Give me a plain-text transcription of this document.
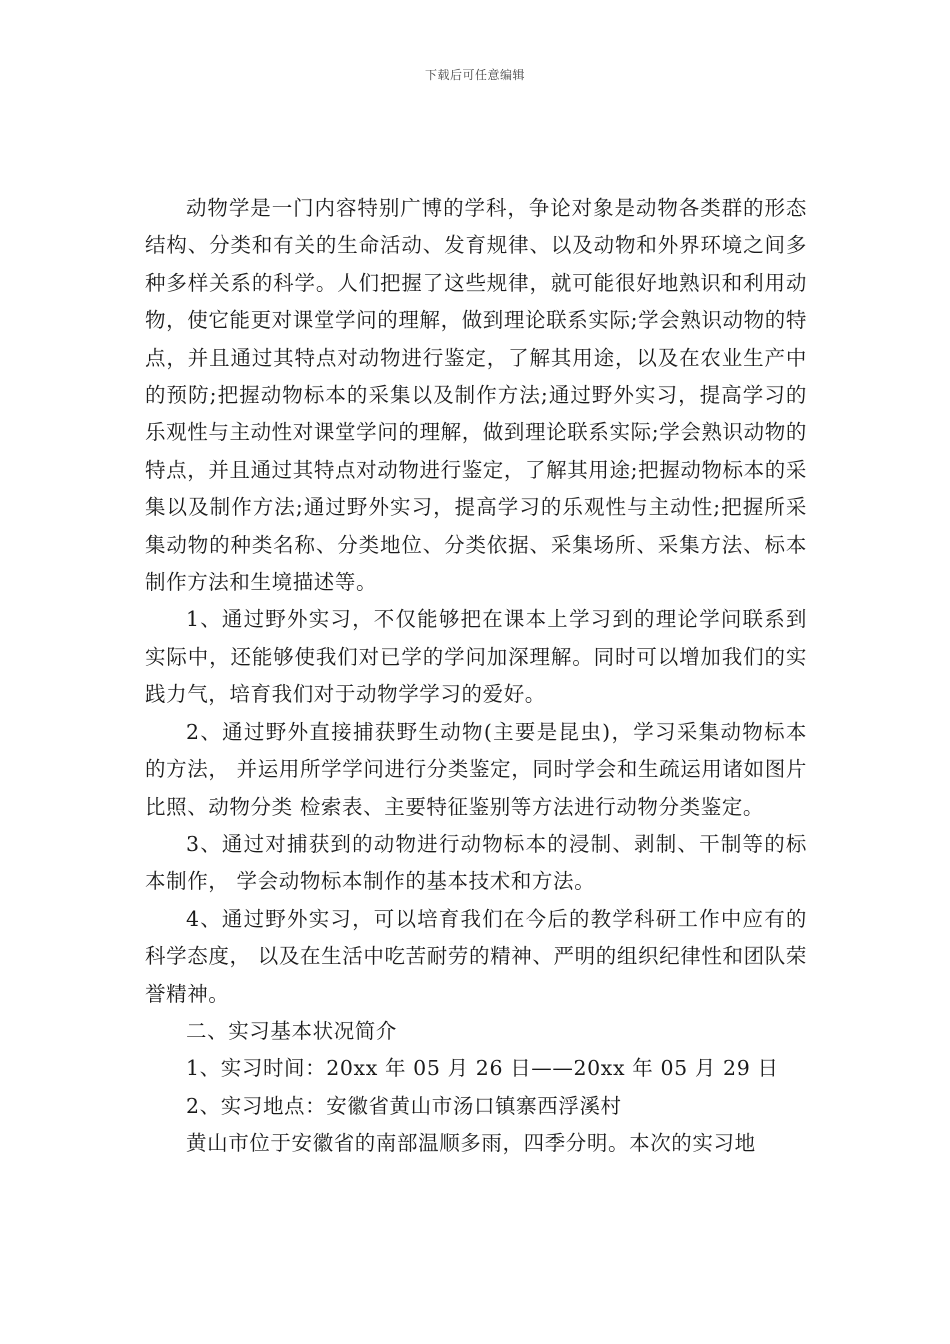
下载后可任意编辑

动物学是一门内容特别广博的学科，争论对象是动物各类群的形态结构、分类和有关的生命活动、发育规律、以及动物和外界环境之间多种多样关系的科学。人们把握了这些规律，就可能很好地熟识和利用动物，使它能更对课堂学问的理解，做到理论联系实际;学会熟识动物的特点，并且通过其特点对动物进行鉴定，了解其用途，以及在农业生产中的预防;把握动物标本的采集以及制作方法;通过野外实习，提高学习的乐观性与主动性对课堂学问的理解，做到理论联系实际;学会熟识动物的特点，并且通过其特点对动物进行鉴定，了解其用途;把握动物标本的采集以及制作方法;通过野外实习，提高学习的乐观性与主动性;把握所采集动物的种类名称、分类地位、分类依据、采集场所、采集方法、标本制作方法和生境描述等。

1、通过野外实习，不仅能够把在课本上学习到的理论学问联系到实际中，还能够使我们对已学的学问加深理解。同时可以增加我们的实践力气，培育我们对于动物学学习的爱好。

2、通过野外直接捕获野生动物(主要是昆虫)，学习采集动物标本的方法， 并运用所学学问进行分类鉴定，同时学会和生疏运用诸如图片比照、动物分类 检索表、主要特征鉴别等方法进行动物分类鉴定。

3、通过对捕获到的动物进行动物标本的浸制、剥制、干制等的标本制作， 学会动物标本制作的基本技术和方法。

4、通过野外实习，可以培育我们在今后的教学科研工作中应有的科学态度， 以及在生活中吃苦耐劳的精神、严明的组织纪律性和团队荣誉精神。

二、实习基本状况简介

1、实习时间：20xx 年 05 月 26 日——20xx 年 05 月 29 日

2、实习地点：安徽省黄山市汤口镇寨西浮溪村

黄山市位于安徽省的南部温顺多雨，四季分明。本次的实习地
